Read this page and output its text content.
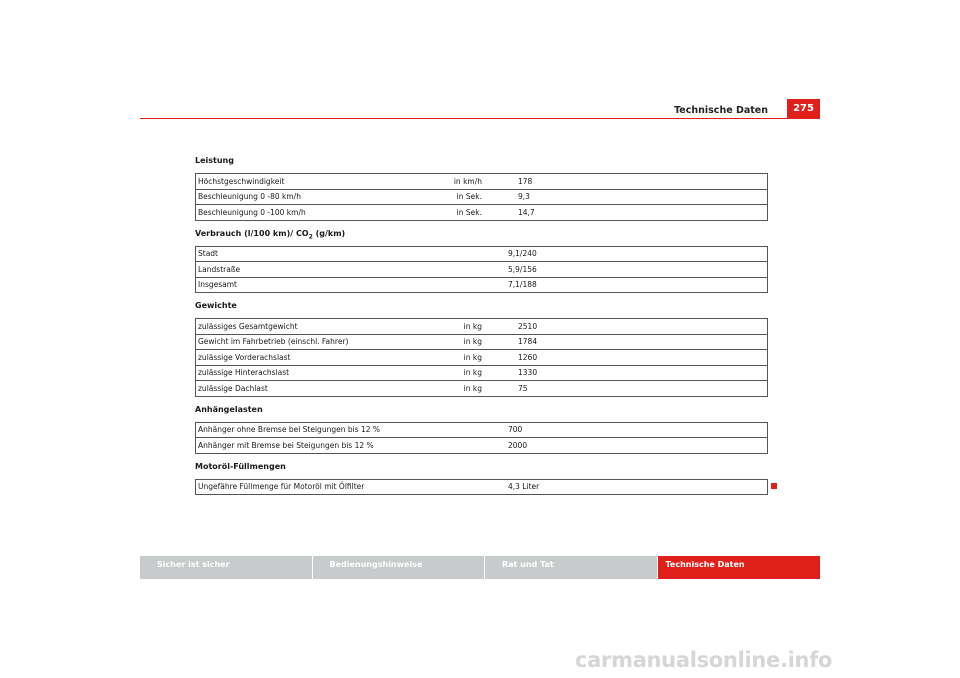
Technische Daten	275

Leistung

Höchstgeschwindigkeit	in km/h		178
Beschleunigung 0 -80 km/h	in Sek.		9,3
Beschleunigung 0 -100 km/h	in Sek.		14,7

Verbrauch (l/100 km)/ $CO_2$ (g/km)

Stadt	9,1/240
Landstraße	5,9/156
Insgesamt	7,1/188

Gewichte

zulässiges Gesamtgewicht	in kg		2510
Gewicht im Fahrbetrieb (einschl. Fahrer)	in kg		1784
zulässige Vorderachslast	in kg		1260
zulässige Hinterachslast	in kg		1330
zulässige Dachlast	in kg		75

Anhängelasten

Anhänger ohne Bremse bei Steigungen bis 12 %	700
Anhänger mit Bremse bei Steigungen bis 12 %	2000

Motoröl-Füllmengen

Ungefähre Füllmenge für Motoröl mit Ölfilter	4,3 Liter
Sicher ist sicher	Bedienungshinweise	Rat und Tat	Technische Daten
carmanualsonline.info
